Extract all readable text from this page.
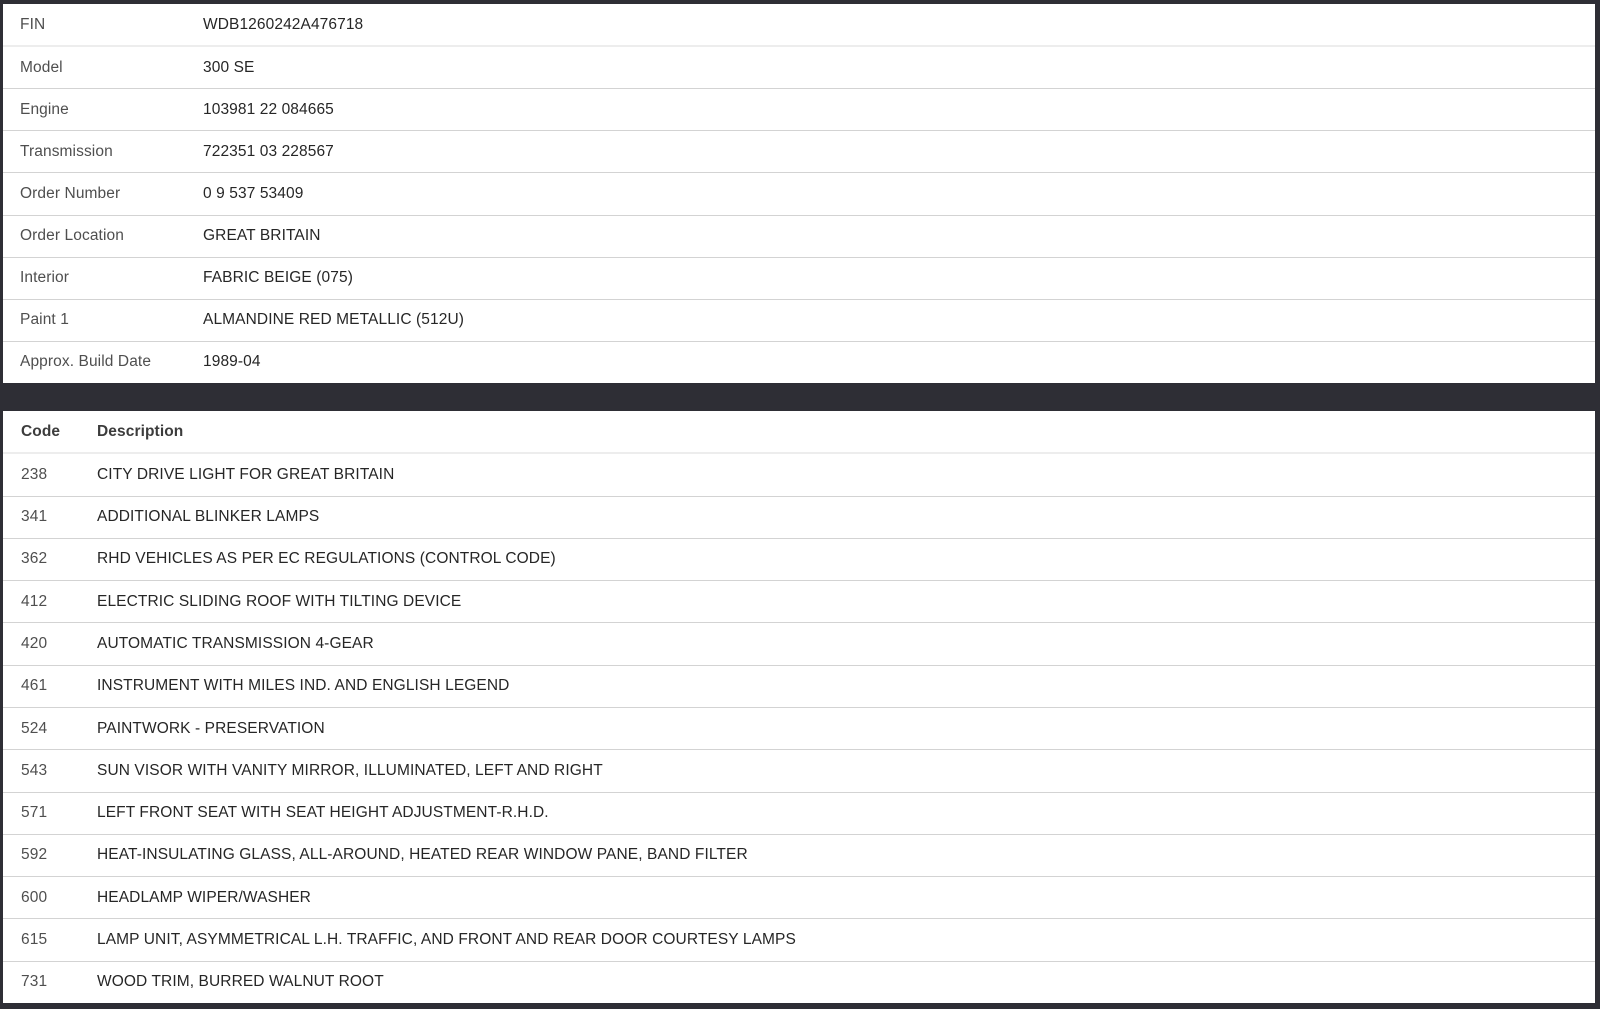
FIN	WDB1260242A476718
Model	300 SE
Engine	103981 22 084665
Transmission	722351 03 228567
Order Number	0 9 537 53409
Order Location	GREAT BRITAIN
Interior	FABRIC BEIGE (075)
Paint 1	ALMANDINE RED METALLIC (512U)
Approx. Build Date	1989-04
Code	Description
238	CITY DRIVE LIGHT FOR GREAT BRITAIN
341	ADDITIONAL BLINKER LAMPS
362	RHD VEHICLES AS PER EC REGULATIONS (CONTROL CODE)
412	ELECTRIC SLIDING ROOF WITH TILTING DEVICE
420	AUTOMATIC TRANSMISSION 4-GEAR
461	INSTRUMENT WITH MILES IND. AND ENGLISH LEGEND
524	PAINTWORK - PRESERVATION
543	SUN VISOR WITH VANITY MIRROR, ILLUMINATED, LEFT AND RIGHT
571	LEFT FRONT SEAT WITH SEAT HEIGHT ADJUSTMENT-R.H.D.
592	HEAT-INSULATING GLASS, ALL-AROUND, HEATED REAR WINDOW PANE, BAND FILTER
600	HEADLAMP WIPER/WASHER
615	LAMP UNIT, ASYMMETRICAL L.H. TRAFFIC, AND FRONT AND REAR DOOR COURTESY LAMPS
731	WOOD TRIM, BURRED WALNUT ROOT
